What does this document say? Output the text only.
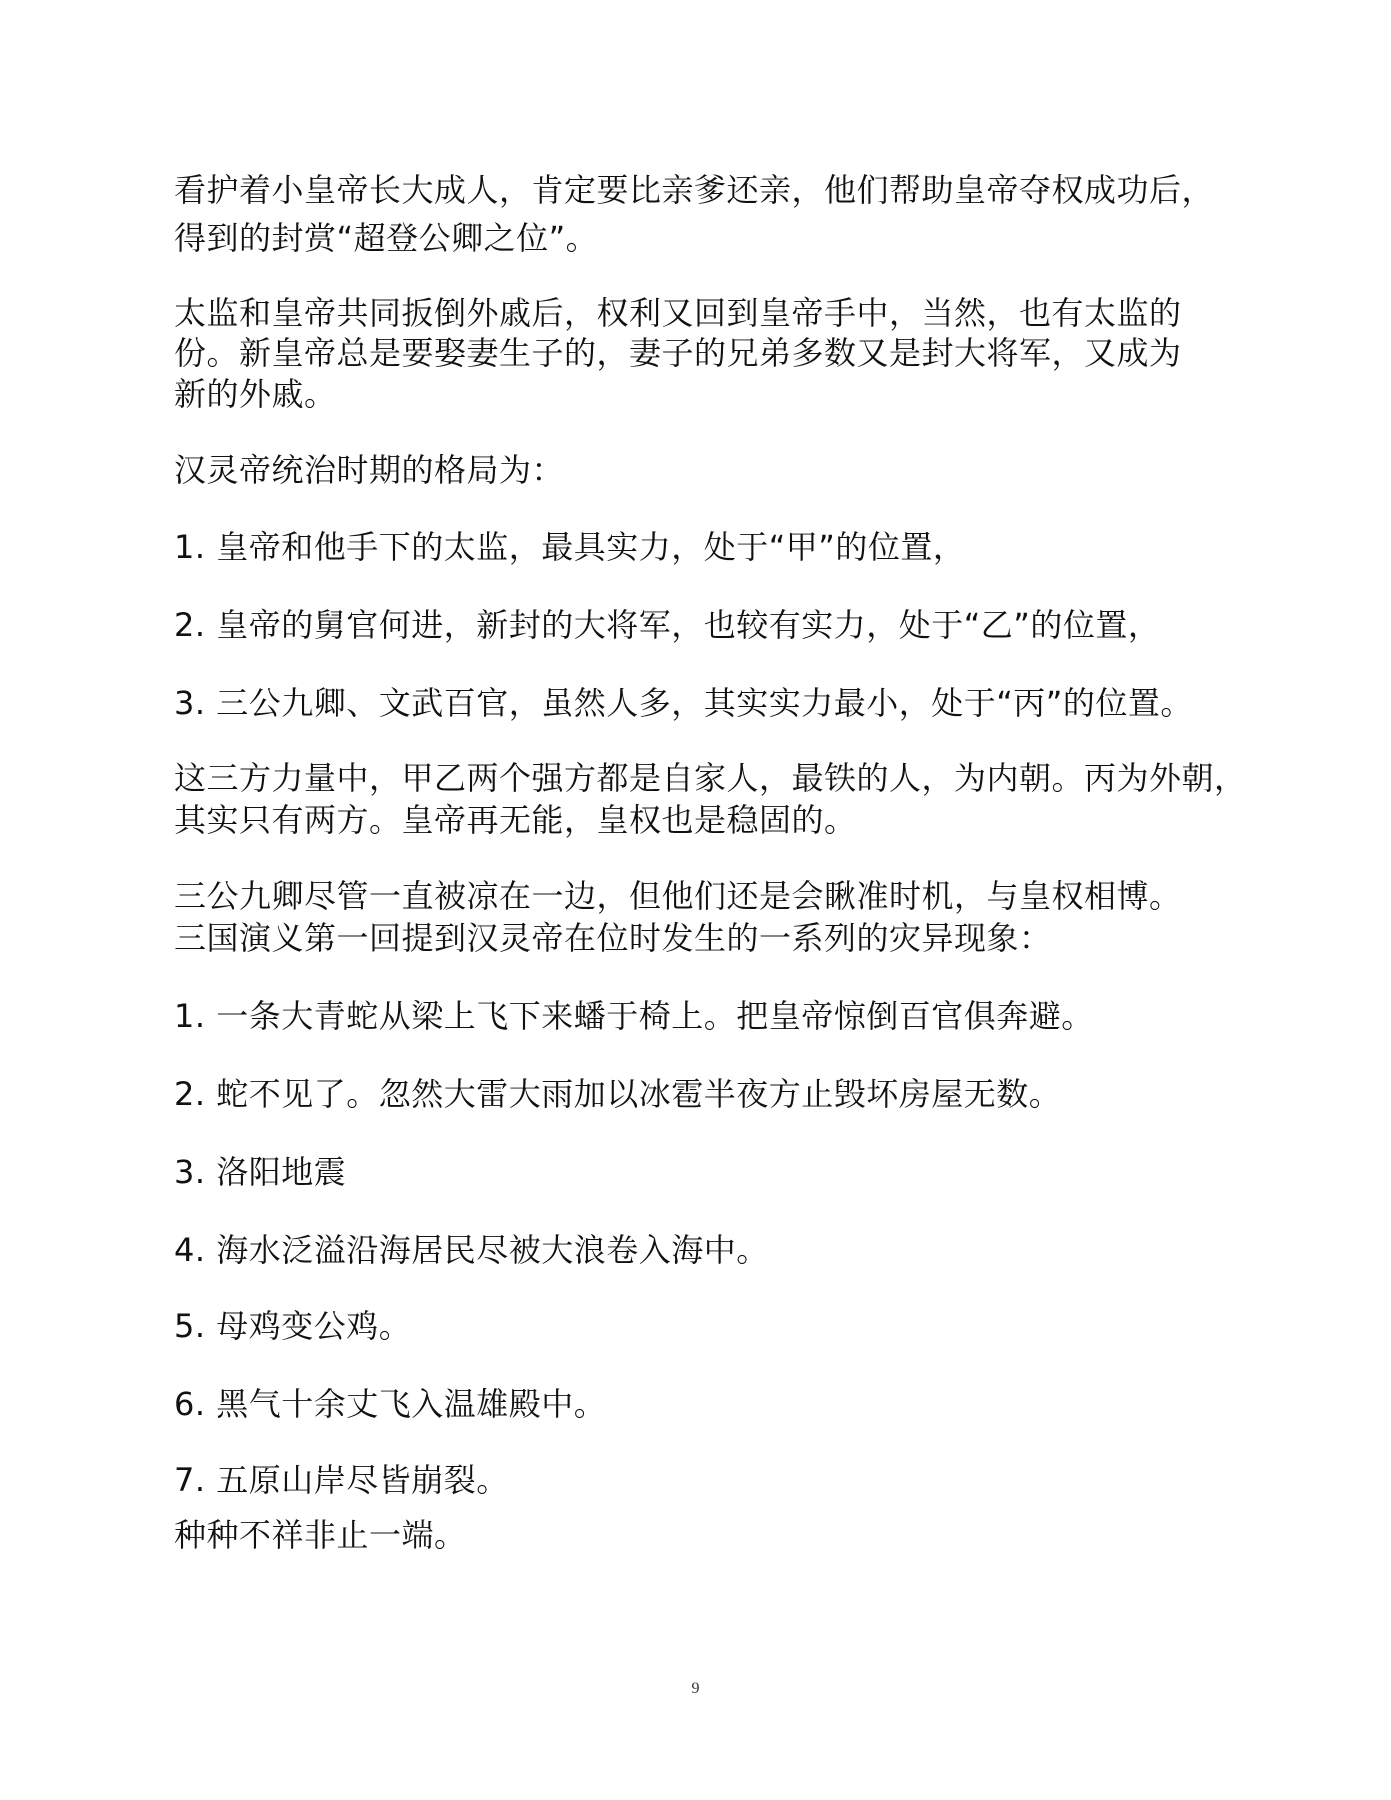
看护着小皇帝长大成人，肯定要比亲爹还亲，他们帮助皇帝夺权成功后，
得到的封赏“超登公卿之位”。
太监和皇帝共同扳倒外戚后，权利又回到皇帝手中，当然，也有太监的
份。新皇帝总是要娶妻生子的，妻子的兄弟多数又是封大将军，又成为
新的外戚。
汉灵帝统治时期的格局为：
1. 皇帝和他手下的太监，最具实力，处于“甲”的位置，
2. 皇帝的舅官何进，新封的大将军，也较有实力，处于“乙”的位置，
3. 三公九卿、文武百官，虽然人多，其实实力最小，处于“丙”的位置。
这三方力量中，甲乙两个强方都是自家人，最铁的人，为内朝。丙为外朝，
其实只有两方。皇帝再无能，皇权也是稳固的。
三公九卿尽管一直被凉在一边，但他们还是会瞅准时机，与皇权相博。
三国演义第一回提到汉灵帝在位时发生的一系列的灾异现象：
1. 一条大青蛇从梁上飞下来蟠于椅上。把皇帝惊倒百官俱奔避。
2. 蛇不见了。忽然大雷大雨加以冰雹半夜方止毁坏房屋无数。
3. 洛阳地震
4. 海水泛溢沿海居民尽被大浪卷入海中。
5. 母鸡变公鸡。
6. 黑气十余丈飞入温雄殿中。
7. 五原山岸尽皆崩裂。
种种不祥非止一端。
9
